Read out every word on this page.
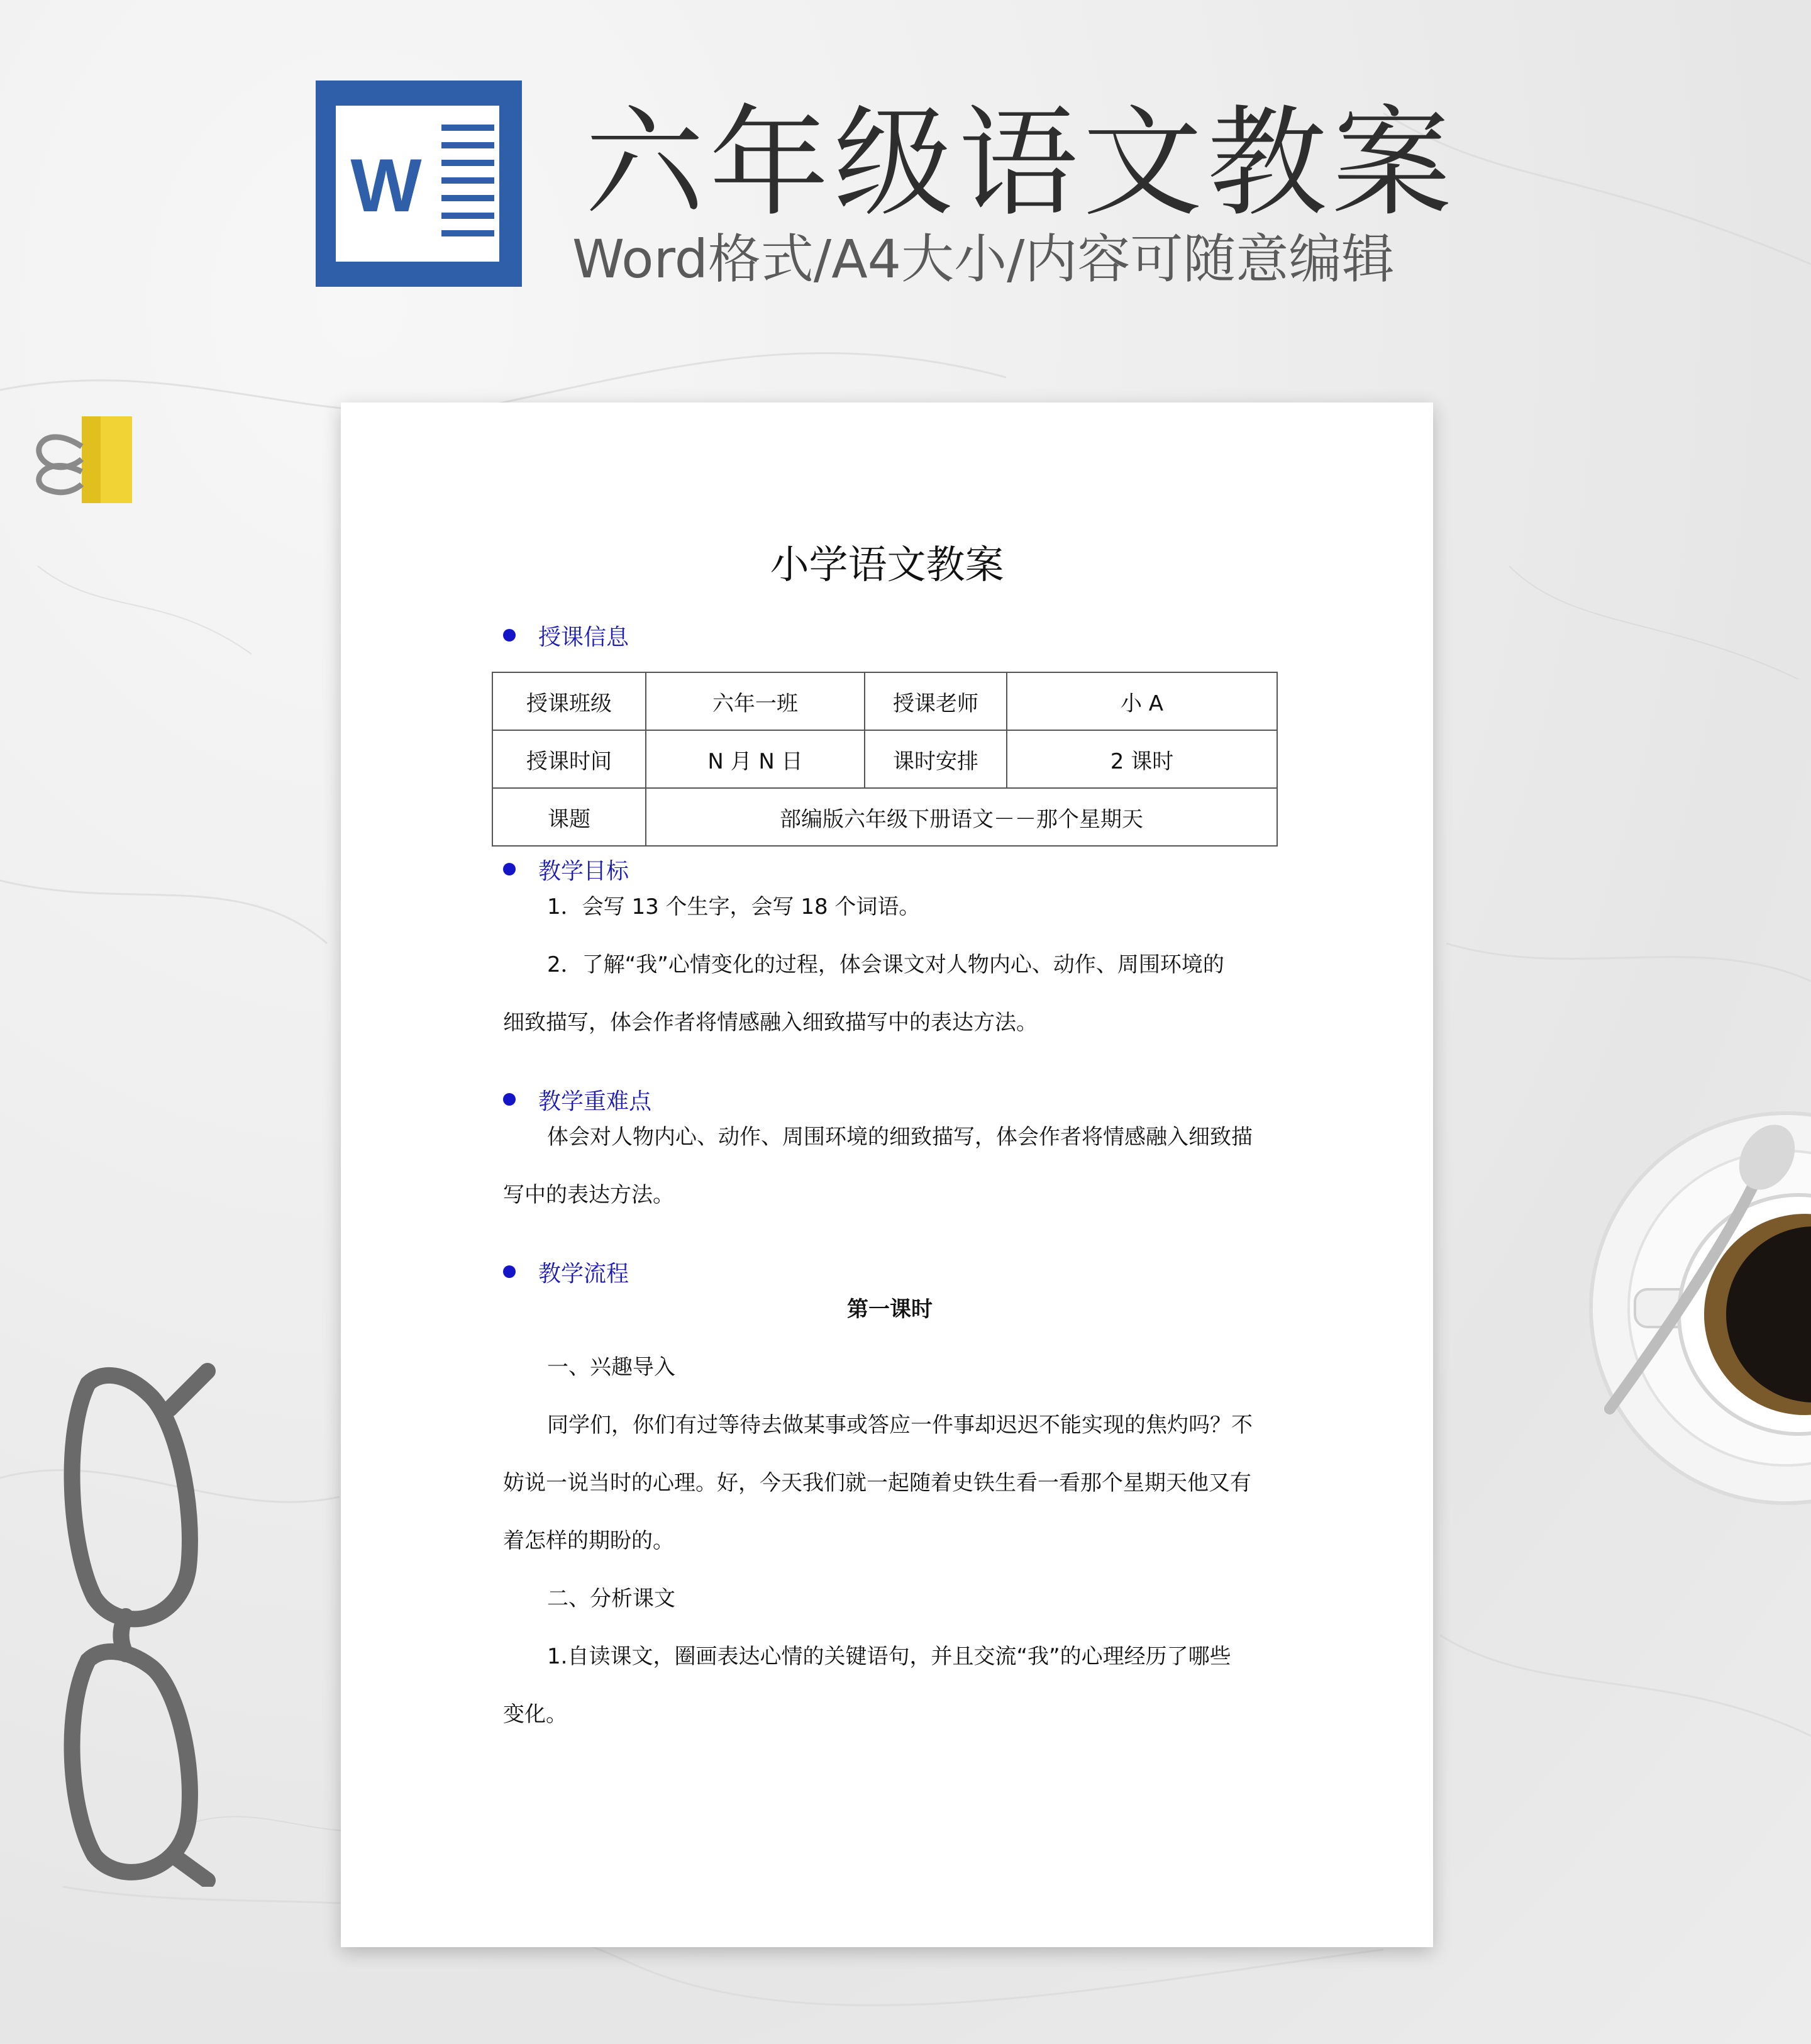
W 六年级语文教案
Word格式/A4大小/内容可随意编辑
小学语文教案
授课信息
授课班级	六年一班	授课老师	小 A
授课时间	N 月 N 日	课时安排	2 课时
课题	部编版六年级下册语文－－那个星期天		
教学目标
1．会写 13 个生字，会写 18 个词语。
2．了解“我”心情变化的过程，体会课文对人物内心、动作、周围环境的
细致描写，体会作者将情感融入细致描写中的表达方法。
教学重难点
体会对人物内心、动作、周围环境的细致描写，体会作者将情感融入细致描
写中的表达方法。
教学流程
第一课时
一、兴趣导入
同学们，你们有过等待去做某事或答应一件事却迟迟不能实现的焦灼吗？不
妨说一说当时的心理。好，今天我们就一起随着史铁生看一看那个星期天他又有
着怎样的期盼的。
二、分析课文
1.自读课文，圈画表达心情的关键语句，并且交流“我”的心理经历了哪些
变化。
